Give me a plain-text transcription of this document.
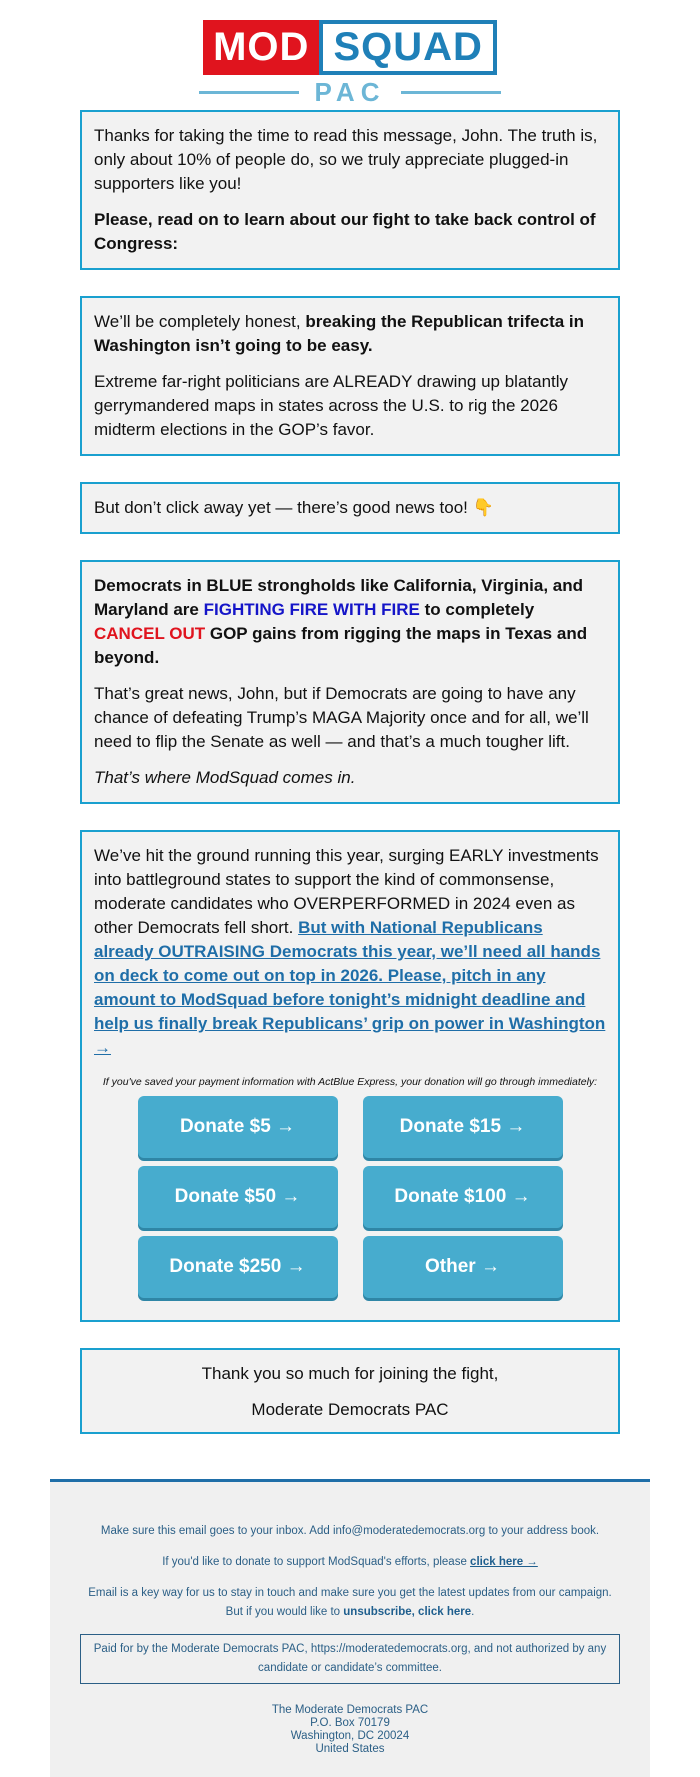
MOD SQUAD
PAC

Thanks for taking the time to read this message, John. The truth is, only about 10% of people do, so we truly appreciate plugged-in supporters like you!

Please, read on to learn about our fight to take back control of Congress:

We’ll be completely honest, breaking the Republican trifecta in Washington isn’t going to be easy.

Extreme far-right politicians are ALREADY drawing up blatantly gerrymandered maps in states across the U.S. to rig the 2026 midterm elections in the GOP’s favor.

But don’t click away yet — there’s good news too! 👇

Democrats in BLUE strongholds like California, Virginia, and Maryland are FIGHTING FIRE WITH FIRE to completely CANCEL OUT GOP gains from rigging the maps in Texas and beyond.

That’s great news, John, but if Democrats are going to have any chance of defeating Trump’s MAGA Majority once and for all, we’ll need to flip the Senate as well — and that’s a much tougher lift.

That’s where ModSquad comes in.

We’ve hit the ground running this year, surging EARLY investments into battleground states to support the kind of commonsense, moderate candidates who OVERPERFORMED in 2024 even as other Democrats fell short. But with National Republicans already OUTRAISING Democrats this year, we’ll need all hands on deck to come out on top in 2026. Please, pitch in any amount to ModSquad before tonight’s midnight deadline and help us finally break Republicans’ grip on power in Washington →

If you've saved your payment information with ActBlue Express, your donation will go through immediately:
Donate $5 →	Donate $15 →
Donate $50 →	Donate $100 →
Donate $250 →	Other →

Thank you so much for joining the fight,

Moderate Democrats PAC

Make sure this email goes to your inbox. Add info@moderatedemocrats.org to your address book.

If you'd like to donate to support ModSquad's efforts, please click here →

Email is a key way for us to stay in touch and make sure you get the latest updates from our campaign. But if you would like to unsubscribe, click here.

Paid for by the Moderate Democrats PAC, https://moderatedemocrats.org, and not authorized by any candidate or candidate’s committee.
The Moderate Democrats PAC
P.O. Box 70179
Washington, DC 20024
United States
